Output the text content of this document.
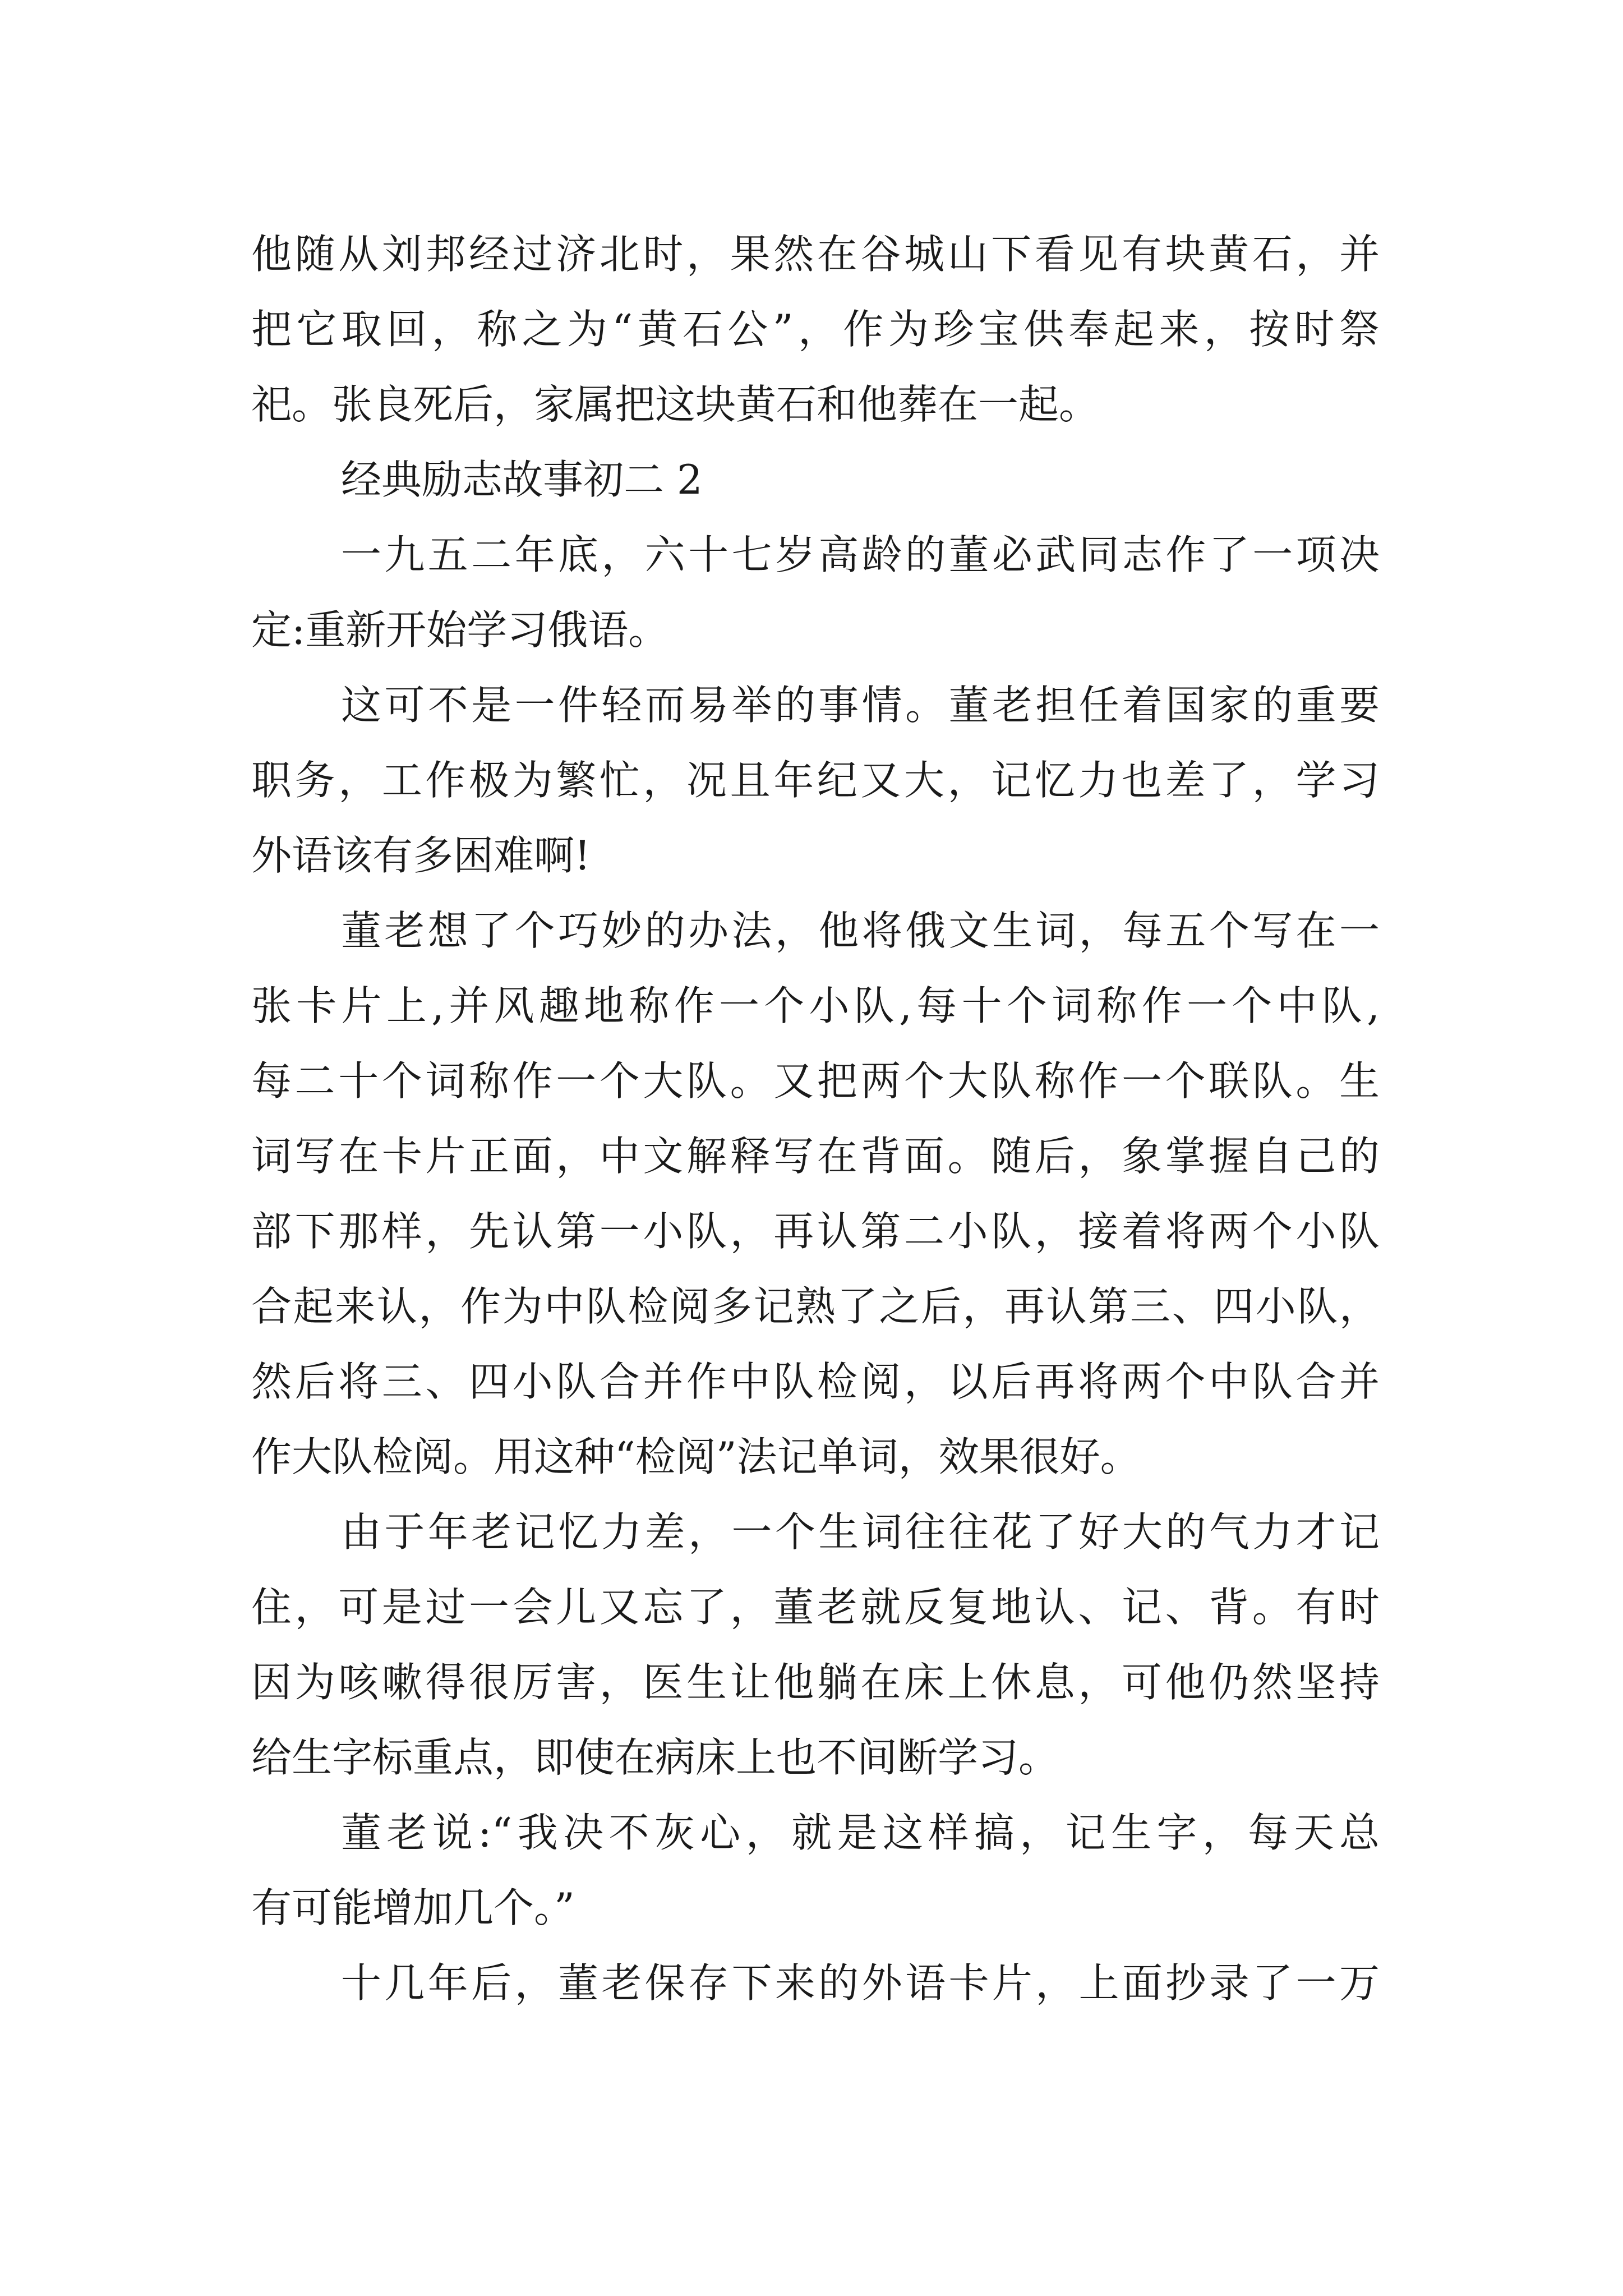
他随从刘邦经过济北时，果然在谷城山下看见有块黄石，并
把它取回，称之为“黄石公”，作为珍宝供奉起来，按时祭
祀。张良死后，家属把这块黄石和他葬在一起。
经典励志故事初二 2
一九五二年底，六十七岁高龄的董必武同志作了一项决
定:重新开始学习俄语。
这可不是一件轻而易举的事情。董老担任着国家的重要
职务，工作极为繁忙，况且年纪又大，记忆力也差了，学习
外语该有多困难啊!
董老想了个巧妙的办法，他将俄文生词，每五个写在一
张卡片上,并风趣地称作一个小队,每十个词称作一个中队,
每二十个词称作一个大队。又把两个大队称作一个联队。生
词写在卡片正面，中文解释写在背面。随后，象掌握自己的
部下那样，先认第一小队，再认第二小队，接着将两个小队
合起来认，作为中队检阅多记熟了之后，再认第三、四小队，
然后将三、四小队合并作中队检阅，以后再将两个中队合并
作大队检阅。用这种“检阅”法记单词，效果很好。
由于年老记忆力差，一个生词往往花了好大的气力才记
住，可是过一会儿又忘了，董老就反复地认、记、背。有时
因为咳嗽得很厉害，医生让他躺在床上休息，可他仍然坚持
给生字标重点，即使在病床上也不间断学习。
董老说:“我决不灰心，就是这样搞，记生字，每天总
有可能增加几个。”
十几年后，董老保存下来的外语卡片，上面抄录了一万
